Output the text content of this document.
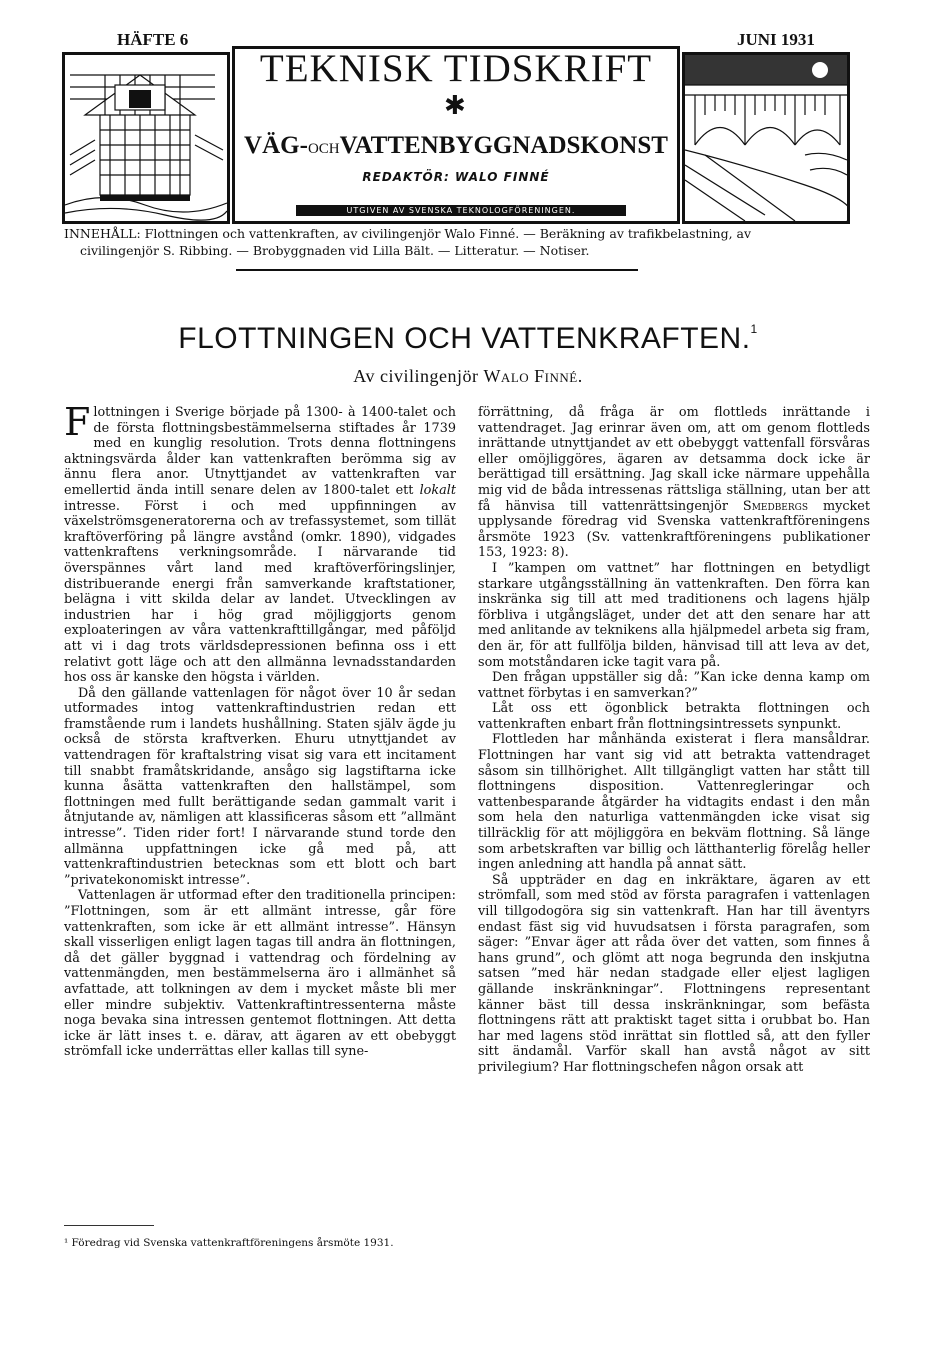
HÄFTE 6	JUNI 1931
TEKNISK TIDSKRIFT
✱
VÄG-OCHVATTENBYGGNADSKONST
REDAKTÖR: WALO FINNÉ
UTGIVEN AV SVENSKA TEKNOLOGFÖRENINGEN.
INNEHÅLL: Flottningen och vattenkraften, av civilingenjör Walo Finné. — Beräkning av trafikbelastning, av
civilingenjör S. Ribbing. — Brobyggnaden vid Lilla Bält. — Litteratur. — Notiser.
FLOTTNINGEN OCH VATTENKRAFTEN.$^1$
Av civilingenjör Walo Finné.

Flottningen i Sverige började på 1300- à 1400-talet och de första flottningsbestämmelserna stiftades år 1739 med en kunglig resolution. Trots denna flottningens aktningsvärda ålder kan vattenkraften berömma sig av ännu flera anor. Utnyttjandet av vattenkraften var emellertid ända intill senare delen av 1800-talet ett lokalt intresse. Först i och med uppfinningen av växelströmsgeneratorerna och av trefassystemet, som tillät kraftöverföring på längre avstånd (omkr. 1890), vidgades vattenkraftens verkningsområde. I närvarande tid överspännes vårt land med kraftöverföringslinjer, distribuerande energi från samverkande kraftstationer, belägna i vitt skilda delar av landet. Utvecklingen av industrien har i hög grad möjliggjorts genom exploateringen av våra vattenkrafttillgångar, med påföljd att vi i dag trots världsdepressionen befinna oss i ett relativt gott läge och att den allmänna levnadsstandarden hos oss är kanske den högsta i världen.

Då den gällande vattenlagen för något över 10 år sedan utformades intog vattenkraftindustrien redan ett framstående rum i landets hushållning. Staten själv ägde ju också de största kraftverken. Ehuru utnyttjandet av vattendragen för kraftalstring visat sig vara ett incitament till snabbt framåtskridande, ansågo sig lagstiftarna icke kunna åsätta vattenkraften den hallstämpel, som flottningen med fullt berättigande sedan gammalt varit i åtnjutande av, nämligen att klassificeras såsom ett ”allmänt intresse”. Tiden rider fort! I närvarande stund torde den allmänna uppfattningen icke gå med på, att vattenkraftindustrien betecknas som ett blott och bart ”privatekonomiskt intresse”.

Vattenlagen är utformad efter den traditionella principen: ”Flottningen, som är ett allmänt intresse, går före vattenkraften, som icke är ett allmänt intresse”. Hänsyn skall visserligen enligt lagen tagas till andra än flottningen, då det gäller byggnad i vattendrag och fördelning av vattenmängden, men bestämmelserna äro i allmänhet så avfattade, att tolkningen av dem i mycket måste bli mer eller mindre subjektiv. Vattenkraftintressenterna måste noga bevaka sina intressen gentemot flottningen. Att detta icke är lätt inses t. e. därav, att ägaren av ett obebyggt strömfall icke underrättas eller kallas till syne-

¹ Föredrag vid Svenska vattenkraftföreningens årsmöte 1931.

förrättning, då fråga är om flottleds inrättande i vattendraget. Jag erinrar även om, att om genom flottleds inrättande utnyttjandet av ett obebyggt vattenfall försvåras eller omöjliggöres, ägaren av detsamma dock icke är berättigad till ersättning. Jag skall icke närmare uppehålla mig vid de båda intressenas rättsliga ställning, utan ber att få hänvisa till vattenrättsingenjör Smedbergs mycket upplysande föredrag vid Svenska vattenkraftföreningens årsmöte 1923 (Sv. vattenkraftföreningens publikationer 153, 1923: 8).

I ”kampen om vattnet” har flottningen en betydligt starkare utgångsställning än vattenkraften. Den förra kan inskränka sig till att med traditionens och lagens hjälp förbliva i utgångsläget, under det att den senare har att med anlitande av teknikens alla hjälpmedel arbeta sig fram, den är, för att fullfölja bilden, hänvisad till att leva av det, som motståndaren icke tagit vara på.

Den frågan uppställer sig då: ”Kan icke denna kamp om vattnet förbytas i en samverkan?”

Låt oss ett ögonblick betrakta flottningen och vattenkraften enbart från flottningsintressets synpunkt.

Flottleden har månhända existerat i flera mansåldrar. Flottningen har vant sig vid att betrakta vattendraget såsom sin tillhörighet. Allt tillgängligt vatten har stått till flottningens disposition. Vattenregleringar och vattenbesparande åtgärder ha vidtagits endast i den mån som hela den naturliga vattenmängden icke visat sig tillräcklig för att möjliggöra en bekväm flottning. Så länge som arbetskraften var billig och lätthanterlig förelåg heller ingen anledning att handla på annat sätt.

Så uppträder en dag en inkräktare, ägaren av ett strömfall, som med stöd av första paragrafen i vattenlagen vill tillgodogöra sig sin vattenkraft. Han har till äventyrs endast fäst sig vid huvudsatsen i första paragrafen, som säger: ”Envar äger att råda över det vatten, som finnes å hans grund”, och glömt att noga begrunda den inskjutna satsen ”med här nedan stadgade eller eljest lagligen gällande inskränkningar”. Flottningens representant känner bäst till dessa inskränkningar, som befästa flottningens rätt att praktiskt taget sitta i orubbat bo. Han har med lagens stöd inrättat sin flottled så, att den fyller sitt ändamål. Varför skall han avstå något av sitt privilegium? Har flottningschefen någon orsak att
